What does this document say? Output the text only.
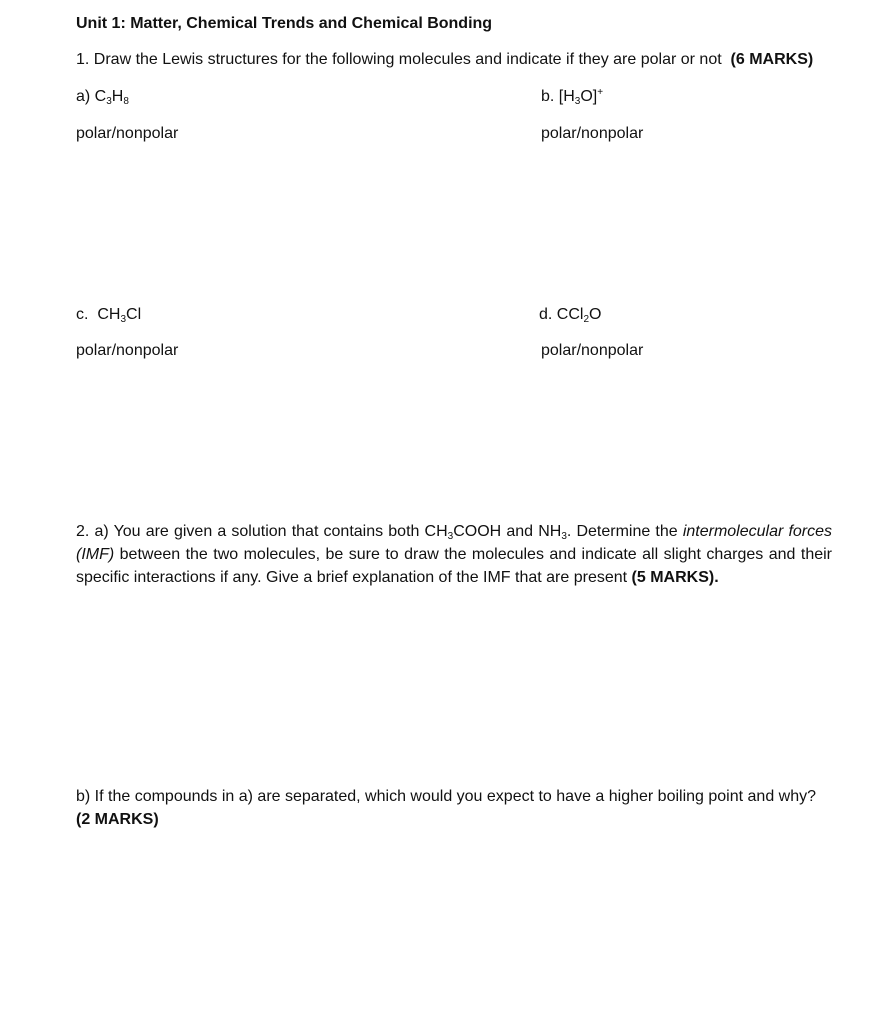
Unit 1: Matter, Chemical Trends and Chemical Bonding
1. Draw the Lewis structures for the following molecules and indicate if they are polar or not (6 MARKS)
a) $C_3H_8$
polar/nonpolar
b. $[H_3O]^+$
polar/nonpolar
c.  $CH_3Cl$
polar/nonpolar
d. CCl$_2$O
polar/nonpolar
2. a) You are given a solution that contains both $CH_3COOH$ and $NH_3$. Determine the intermolecular forces (IMF) between the two molecules, be sure to draw the molecules and indicate all slight charges and their specific interactions if any. Give a brief explanation of the IMF that are present (5 MARKS).
b) If the compounds in a) are separated, which would you expect to have a higher boiling point and why?
(2 MARKS)
